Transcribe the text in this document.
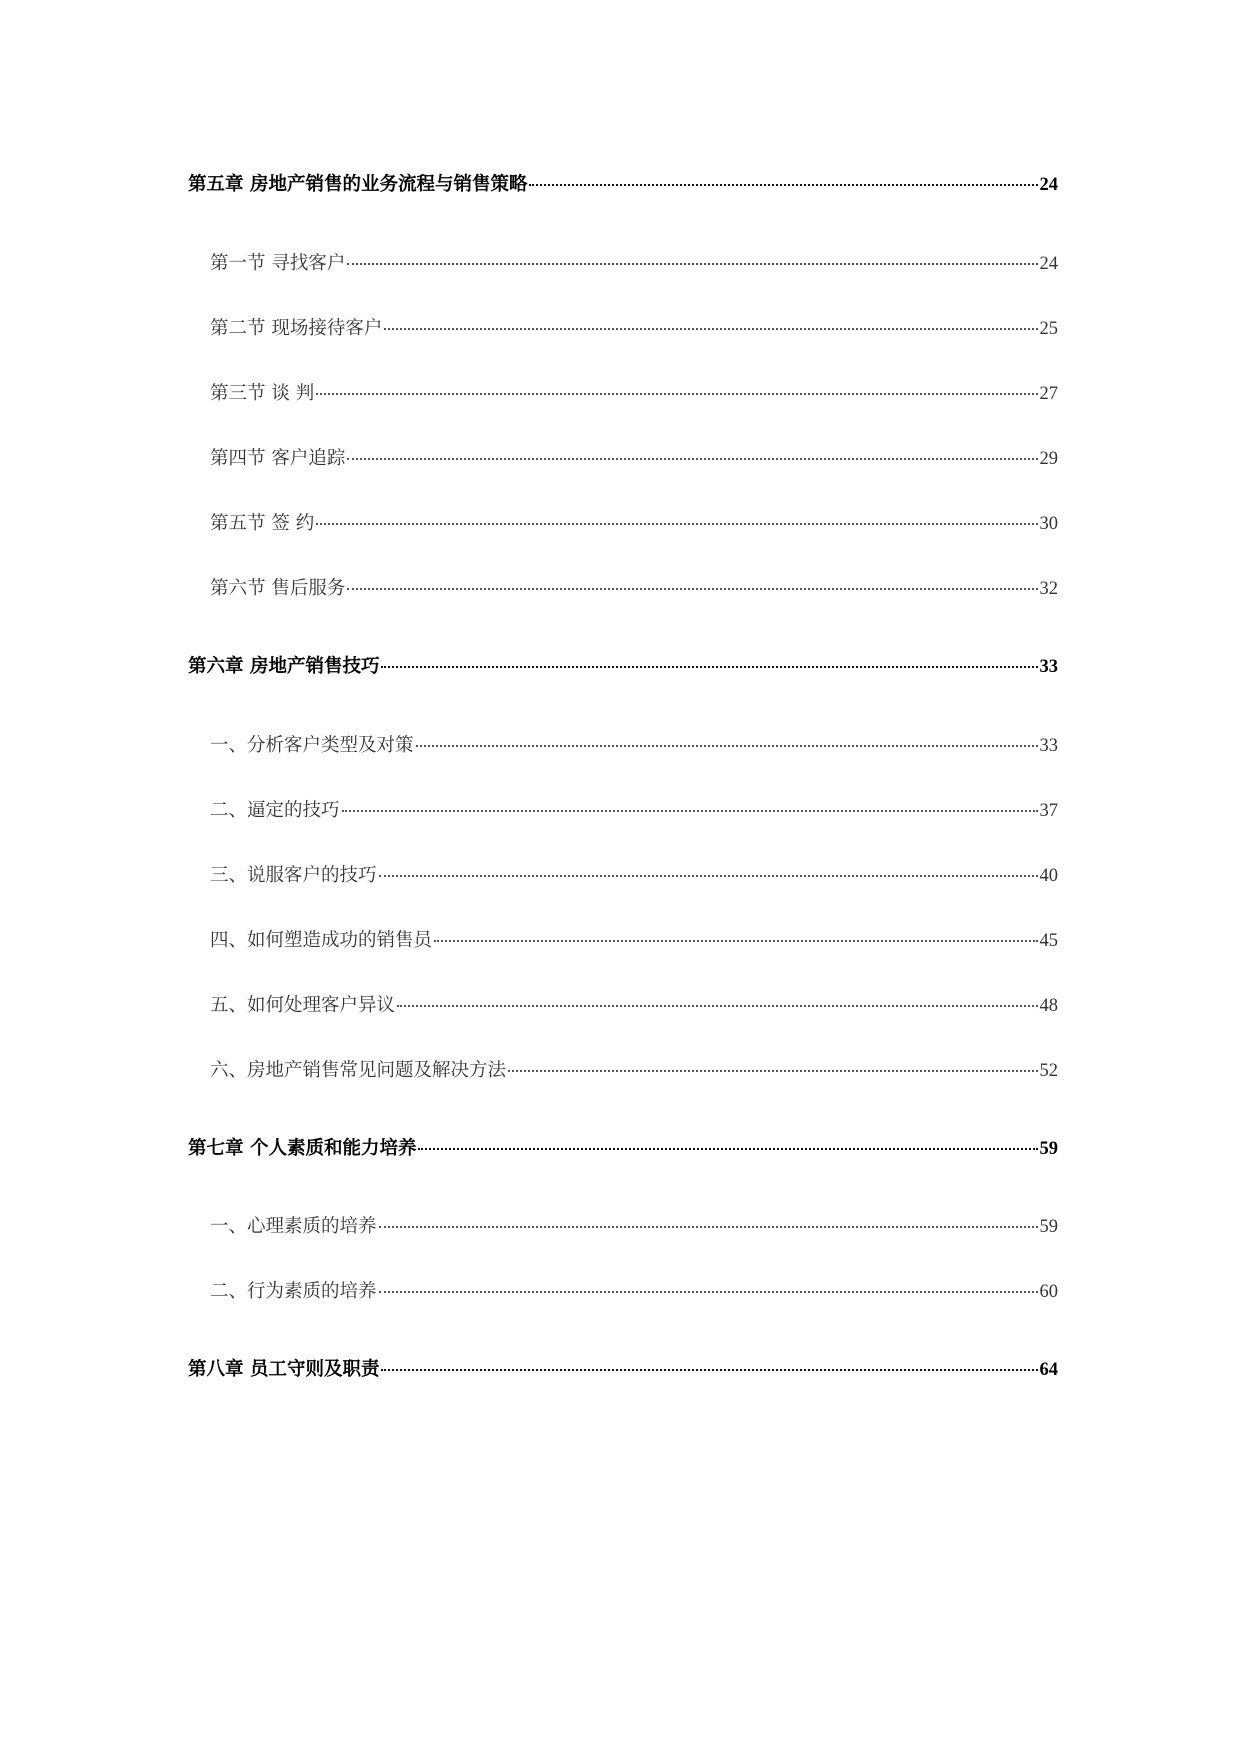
第五章 房地产销售的业务流程与销售策略	24
第一节 寻找客户	24
第二节 现场接待客户	25
第三节 谈 判	27
第四节 客户追踪	29
第五节 签 约	30
第六节 售后服务	32
第六章 房地产销售技巧	33
一、分析客户类型及对策	33
二、逼定的技巧	37
三、说服客户的技巧	40
四、如何塑造成功的销售员	45
五、如何处理客户异议	48
六、房地产销售常见问题及解决方法	52
第七章 个人素质和能力培养	59
一、心理素质的培养	59
二、行为素质的培养	60
第八章 员工守则及职责	64
